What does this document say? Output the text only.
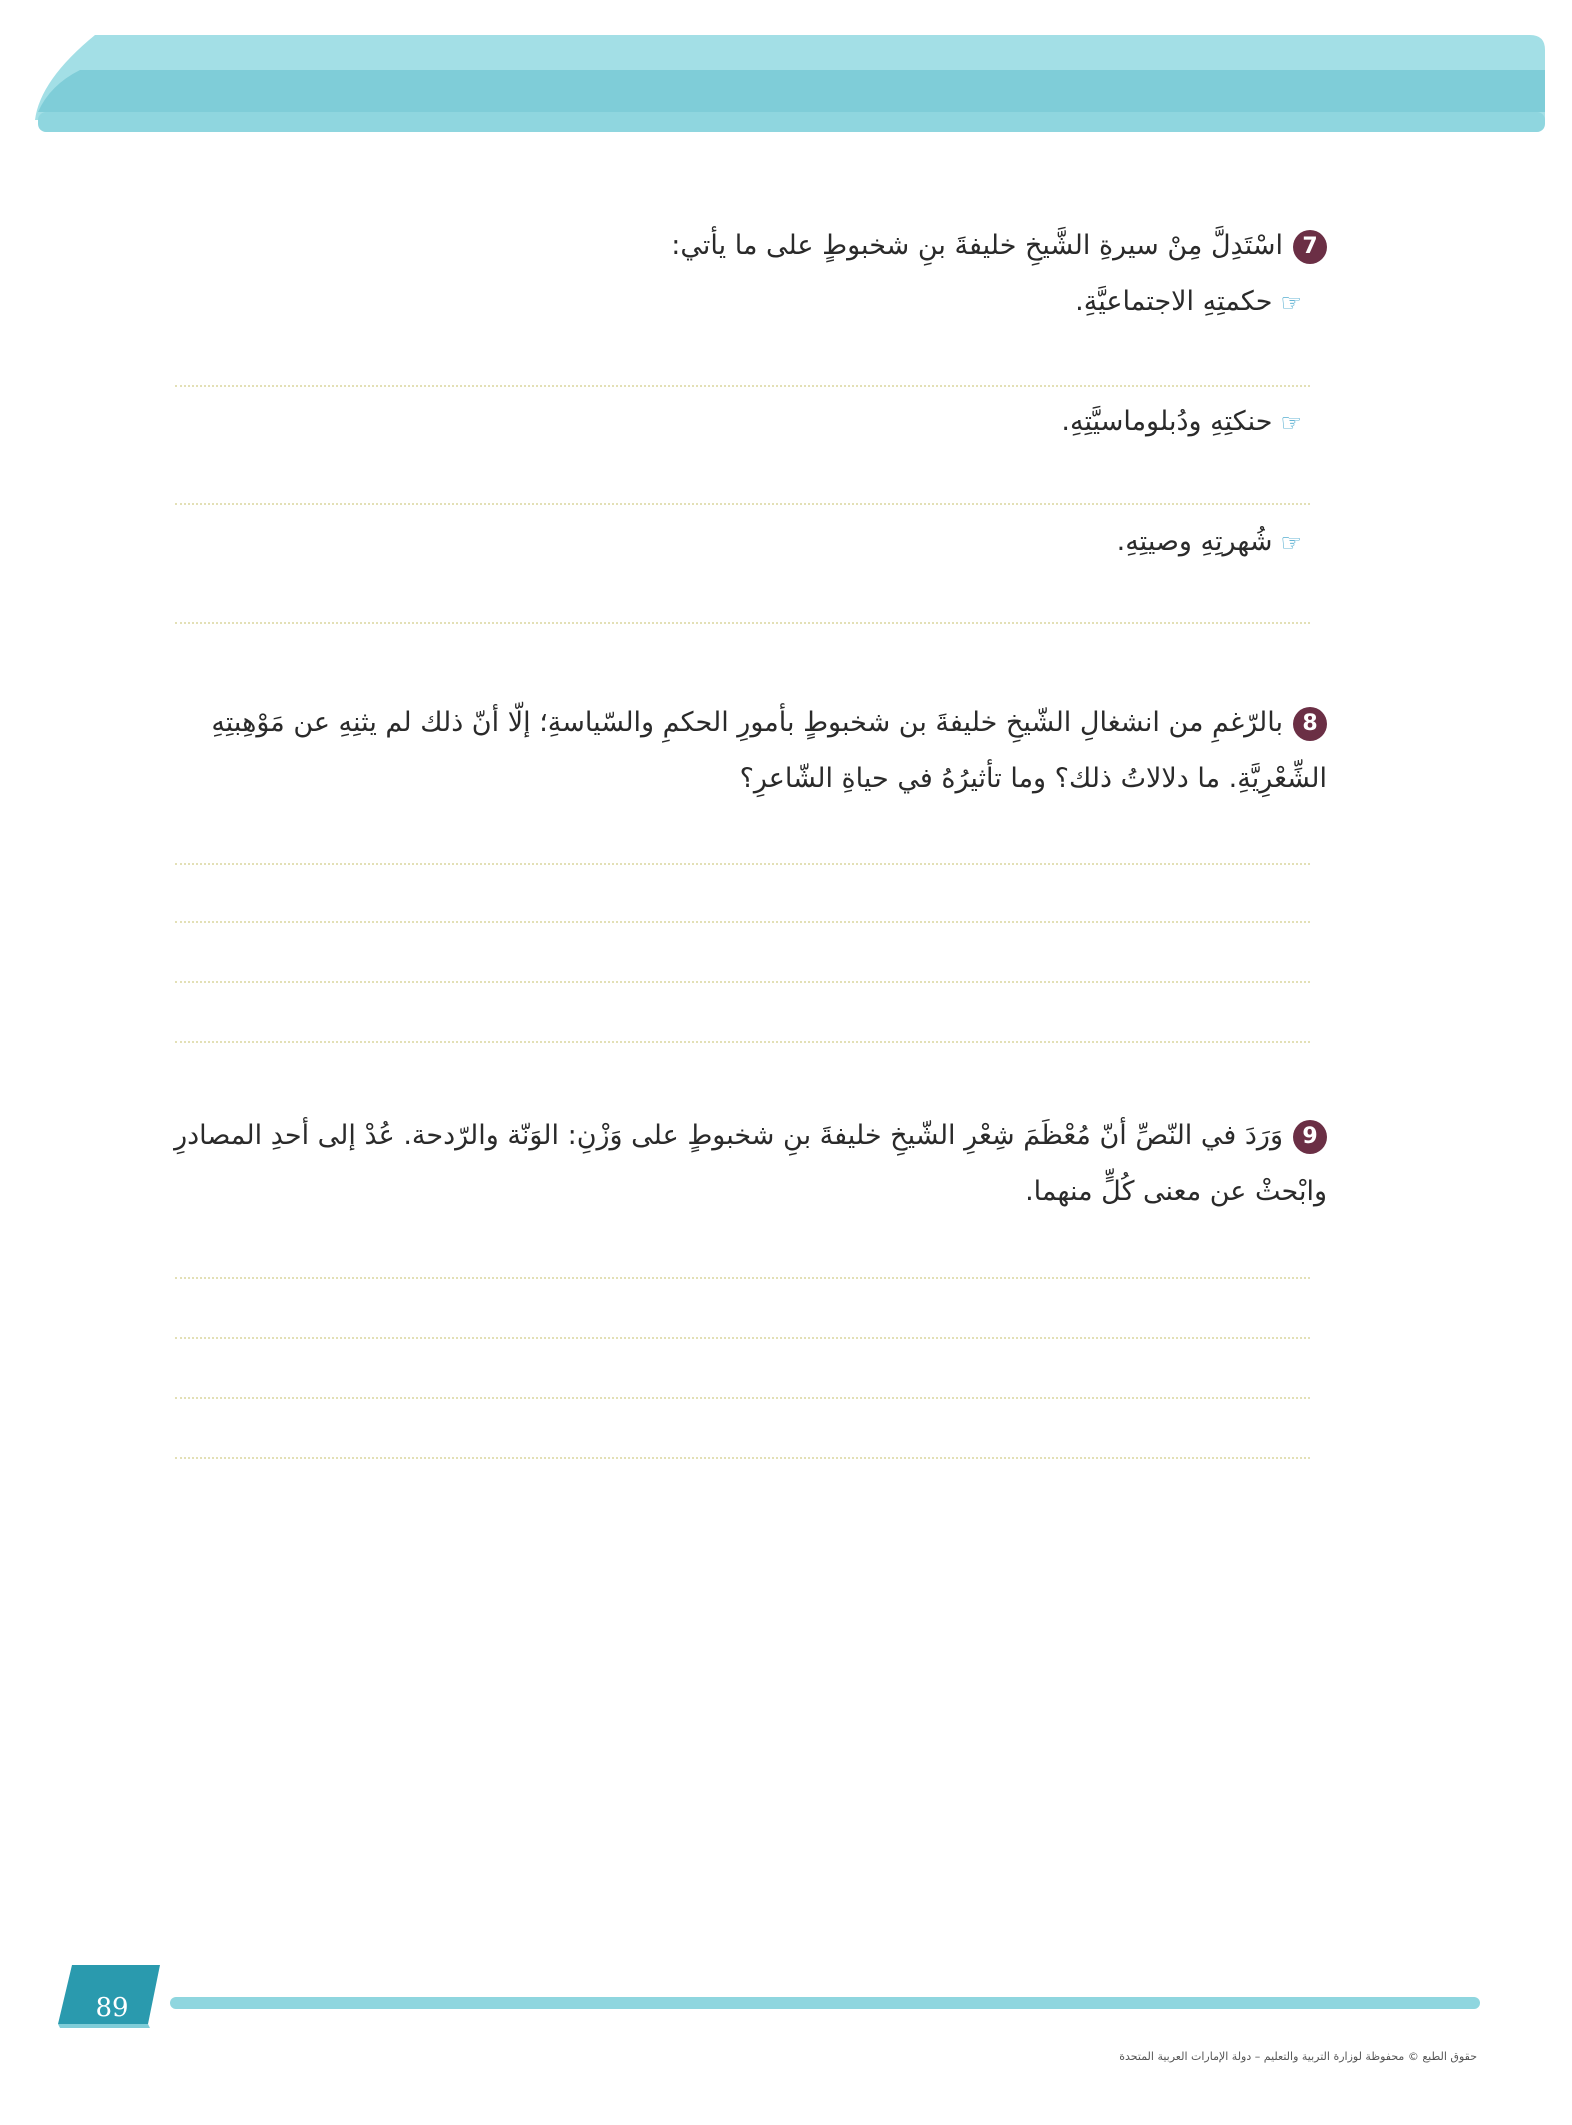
7اسْتَدِلَّ مِنْ سيرةِ الشَّيخِ خليفةَ بنِ شخبوطٍ على ما يأتي:
☞حكمتِهِ الاجتماعيَّةِ.
☞حنكتِهِ ودُبلوماسيَّتِهِ.
☞شُهرتِهِ وصيتِهِ.
8بالرّغمِ من انشغالِ الشّيخِ خليفةَ بن شخبوطٍ بأمورِ الحكمِ والسّياسةِ؛ إلّا أنّ ذلك لم يثنِهِ عن مَوْهِبتِهِ
الشِّعْرِيَّةِ. ما دلالاتُ ذلك؟ وما تأثيرُهُ في حياةِ الشّاعرِ؟
9وَرَدَ في النّصِّ أنّ مُعْظَمَ شِعْرِ الشّيخِ خليفةَ بنِ شخبوطٍ على وَزْنِ: الوَنّة والرّدحة. عُدْ إلى أحدِ المصادرِ
وابْحثْ عن معنى كُلٍّ منهما.
89
حقوق الطبع © محفوظة لوزارة التربية والتعليم – دولة الإمارات العربية المتحدة
